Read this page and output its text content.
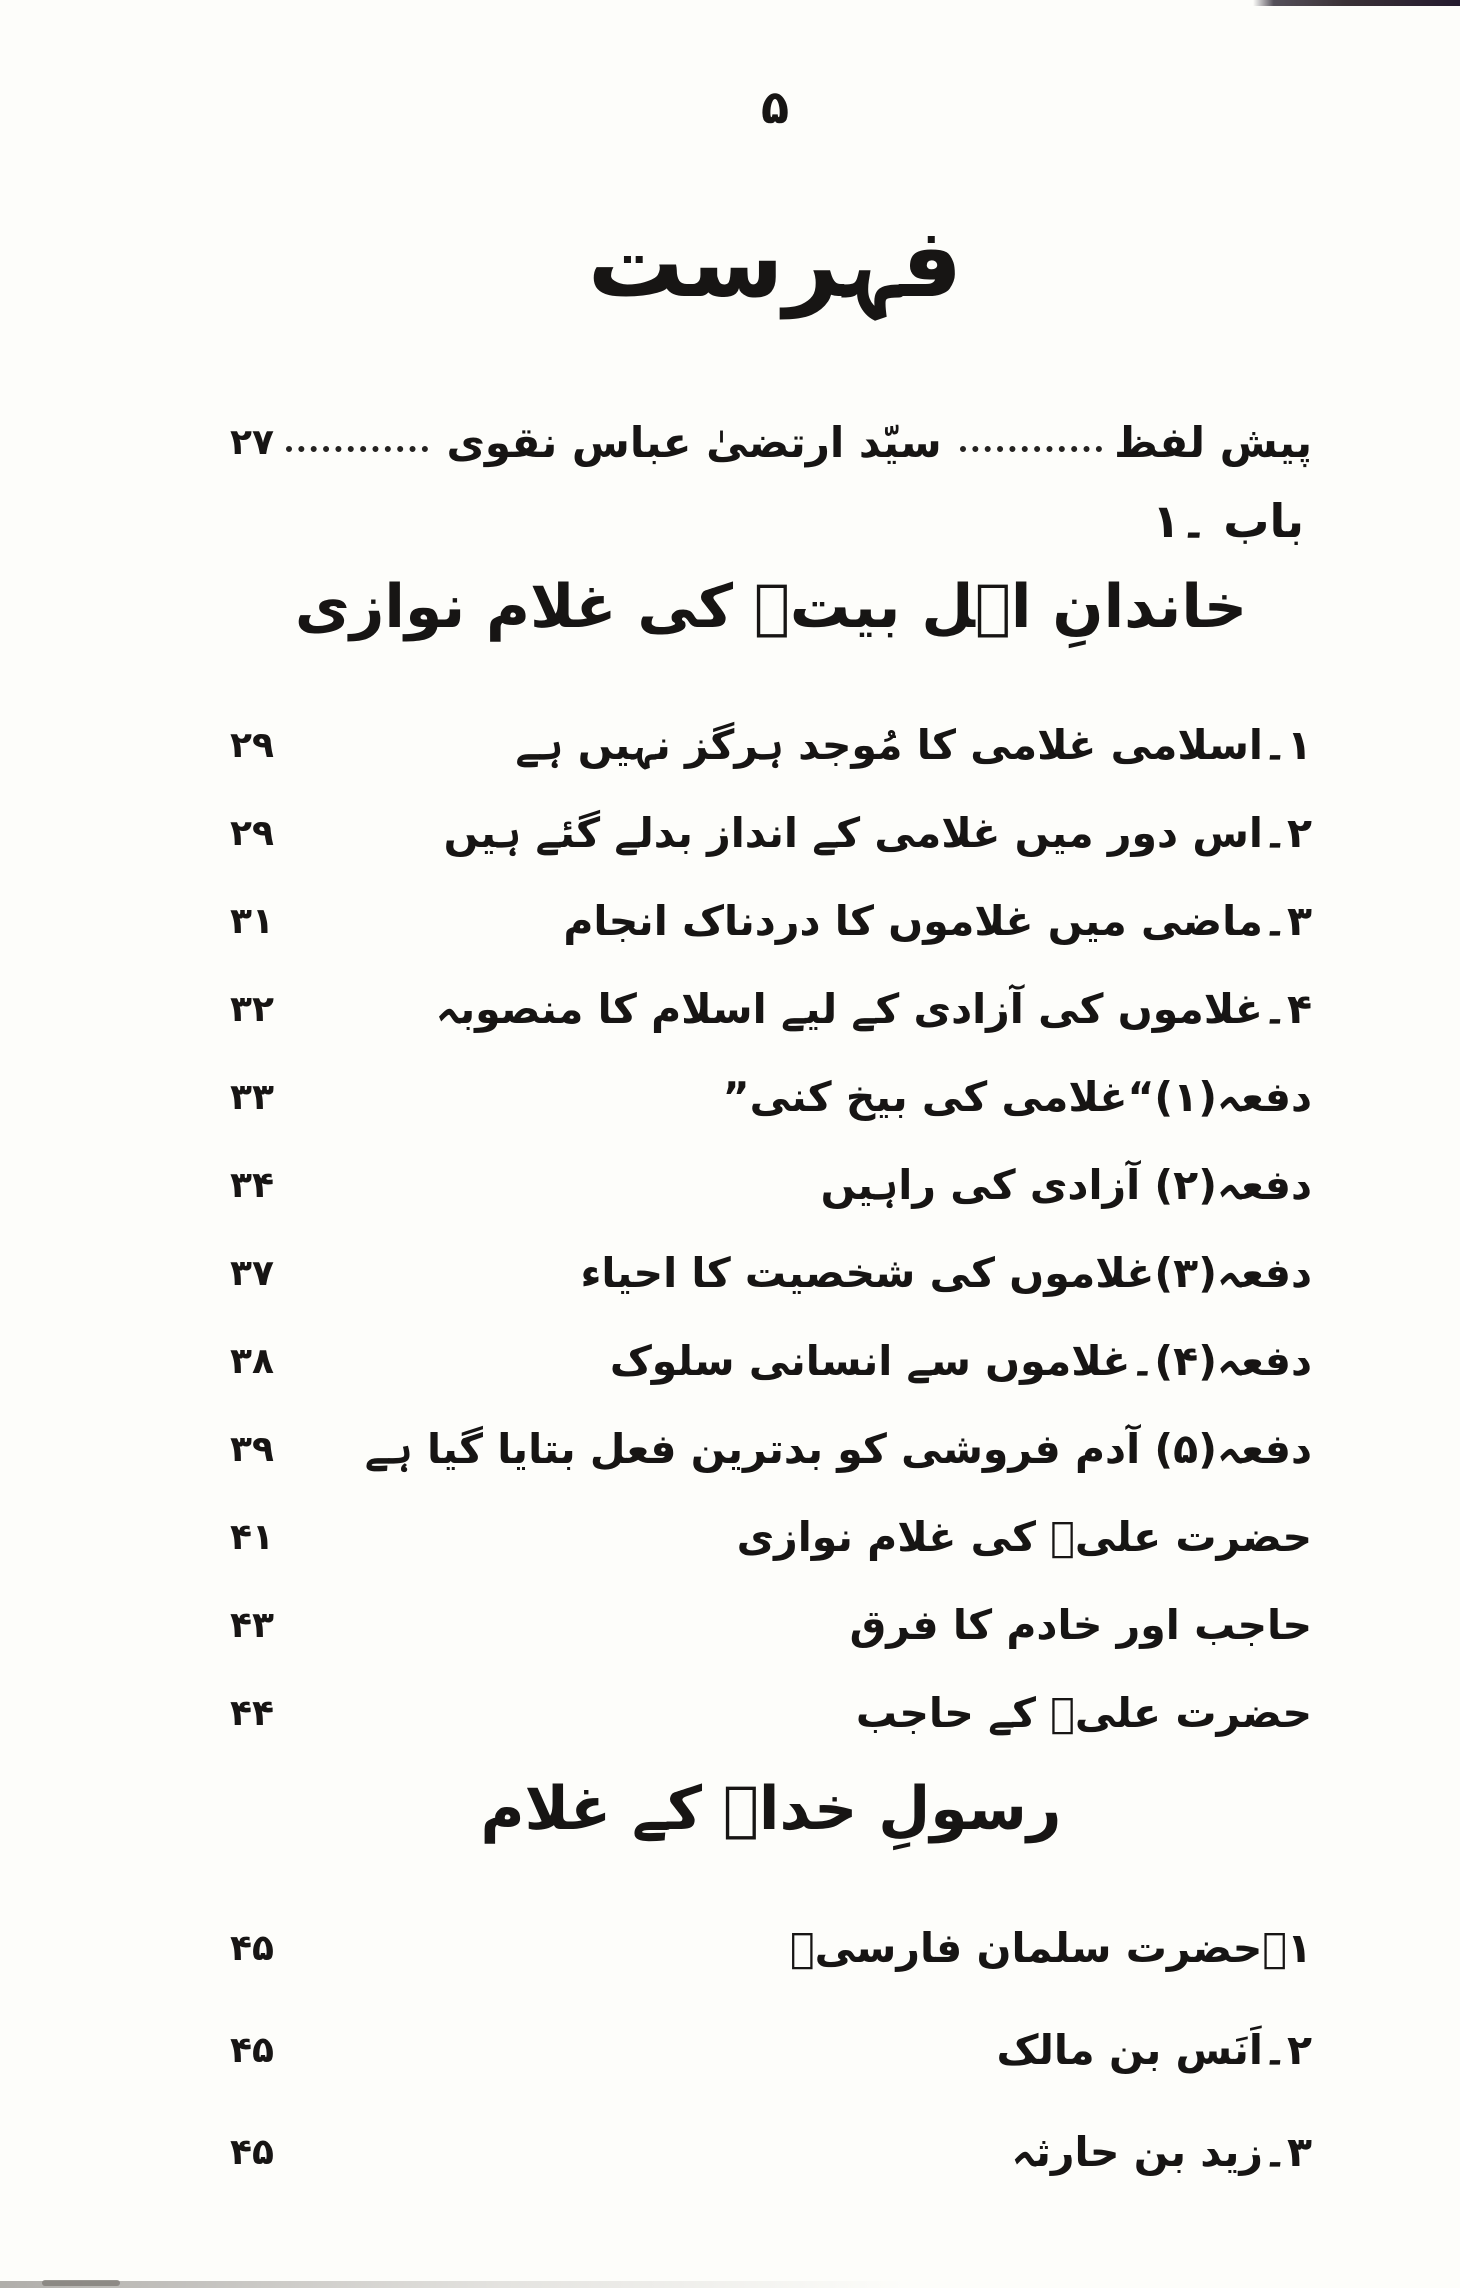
۵
فہرست
پیش لفظ
سیّد ارتضیٰ عباس نقوی
۲۷
باب ۔۱
خاندانِ اہل بیتؑ کی غلام نوازی
۱۔اسلامی غلامی کا مُوجد ہرگز نہیں ہے
۲۹
۲۔اس دور میں غلامی کے انداز بدلے گئے ہیں
۲۹
۳۔ماضی میں غلاموں کا دردناک انجام
۳۱
۴۔غلاموں کی آزادی کے لیے اسلام کا منصوبہ
۳۲
دفعہ(۱)“غلامی کی بیخ کنی”
۳۳
دفعہ(۲) آزادی کی راہیں
۳۴
دفعہ(۳)غلاموں کی شخصیت کا احیاء
۳۷
دفعہ(۴)۔غلاموں سے انسانی سلوک
۳۸
دفعہ(۵) آدم فروشی کو بدترین فعل بتایا گیا ہے
۳۹
حضرت علیؑ کی غلام نوازی
۴۱
حاجب اور خادم کا فرق
۴۳
حضرت علیؑ کے حاجب
۴۴
رسولِ خداؐ کے غلام
۱۔حضرت سلمان فارسیؑ
۴۵
۲۔اَنَس بن مالک
۴۵
۳۔زید بن حارثہ
۴۵
